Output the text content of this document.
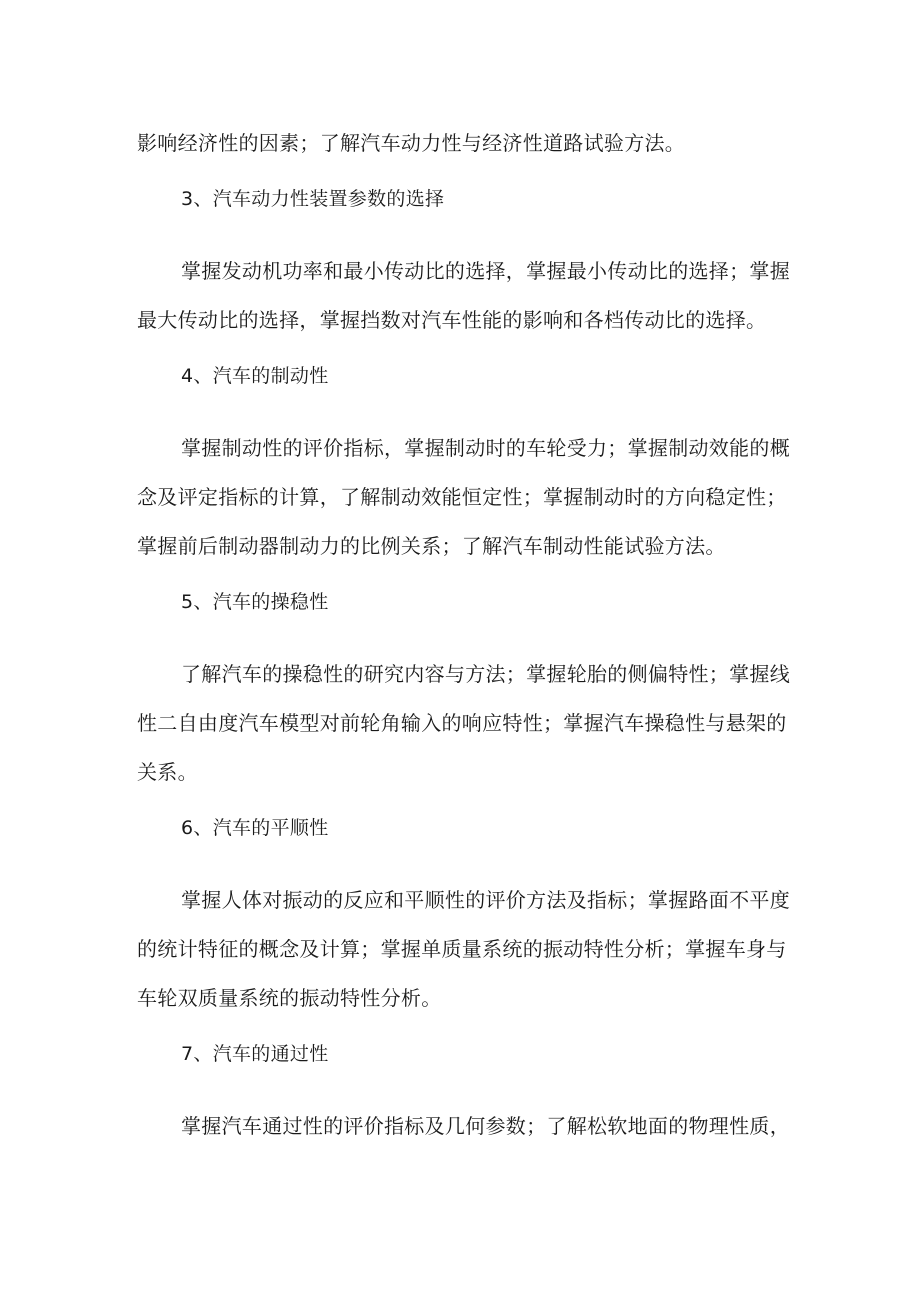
影响经济性的因素；了解汽车动力性与经济性道路试验方法。
3、汽车动力性装置参数的选择
掌握发动机功率和最小传动比的选择，掌握最小传动比的选择；掌握
最大传动比的选择，掌握挡数对汽车性能的影响和各档传动比的选择。
4、汽车的制动性
掌握制动性的评价指标，掌握制动时的车轮受力；掌握制动效能的概
念及评定指标的计算，了解制动效能恒定性；掌握制动时的方向稳定性；
掌握前后制动器制动力的比例关系；了解汽车制动性能试验方法。
5、汽车的操稳性
了解汽车的操稳性的研究内容与方法；掌握轮胎的侧偏特性；掌握线
性二自由度汽车模型对前轮角输入的响应特性；掌握汽车操稳性与悬架的
关系。
6、汽车的平顺性
掌握人体对振动的反应和平顺性的评价方法及指标；掌握路面不平度
的统计特征的概念及计算；掌握单质量系统的振动特性分析；掌握车身与
车轮双质量系统的振动特性分析。
7、汽车的通过性
掌握汽车通过性的评价指标及几何参数；了解松软地面的物理性质，
